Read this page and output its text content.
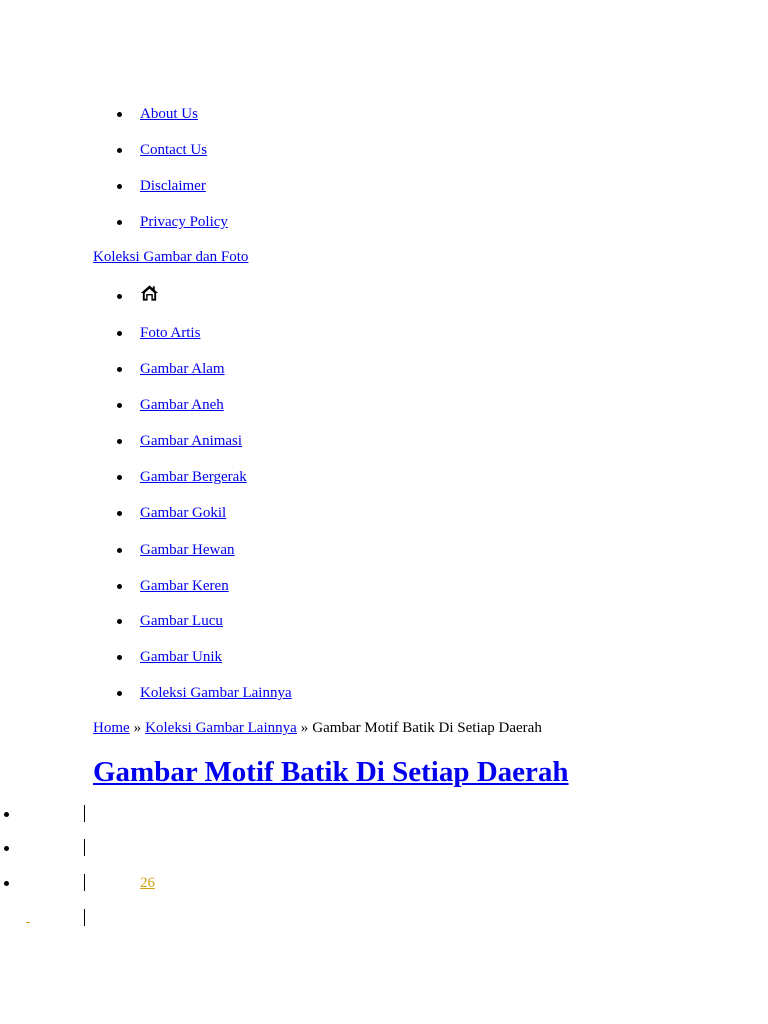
About Us
Contact Us
Disclaimer
Privacy Policy
Koleksi Gambar dan Foto
Foto Artis
Gambar Alam
Gambar Aneh
Gambar Animasi
Gambar Bergerak
Gambar Gokil
Gambar Hewan
Gambar Keren
Gambar Lucu
Gambar Unik
Koleksi Gambar Lainnya
Home » Koleksi Gambar Lainnya » Gambar Motif Batik Di Setiap Daerah
Gambar Motif Batik Di Setiap Daerah
26
